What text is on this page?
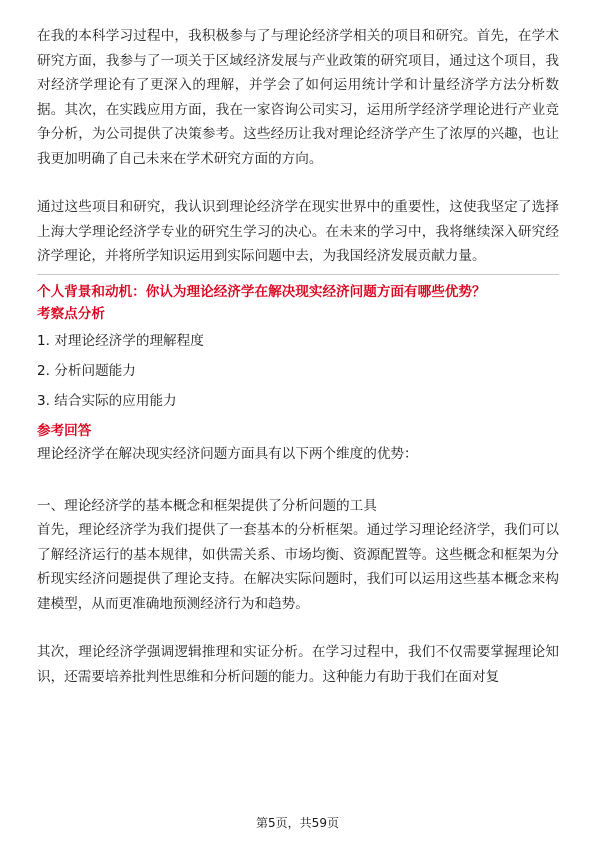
在我的本科学习过程中，我积极参与了与理论经济学相关的项目和研究。首先，在学术研究方面，我参与了一项关于区域经济发展与产业政策的研究项目，通过这个项目，我对经济学理论有了更深入的理解，并学会了如何运用统计学和计量经济学方法分析数据。其次，在实践应用方面，我在一家咨询公司实习，运用所学经济学理论进行产业竞争分析，为公司提供了决策参考。这些经历让我对理论经济学产生了浓厚的兴趣，也让我更加明确了自己未来在学术研究方面的方向。

通过这些项目和研究，我认识到理论经济学在现实世界中的重要性，这使我坚定了选择上海大学理论经济学专业的研究生学习的决心。在未来的学习中，我将继续深入研究经济学理论，并将所学知识运用到实际问题中去，为我国经济发展贡献力量。

个人背景和动机：你认为理论经济学在解决现实经济问题方面有哪些优势？
考察点分析
1. 对理论经济学的理解程度
2. 分析问题能力
3. 结合实际的应用能力
参考回答
理论经济学在解决现实经济问题方面具有以下两个维度的优势：

一、理论经济学的基本概念和框架提供了分析问题的工具

首先，理论经济学为我们提供了一套基本的分析框架。通过学习理论经济学，我们可以了解经济运行的基本规律，如供需关系、市场均衡、资源配置等。这些概念和框架为分析现实经济问题提供了理论支持。在解决实际问题时，我们可以运用这些基本概念来构建模型，从而更准确地预测经济行为和趋势。

其次，理论经济学强调逻辑推理和实证分析。在学习过程中，我们不仅需要掌握理论知识，还需要培养批判性思维和分析问题的能力。这种能力有助于我们在面对复

第5页，共59页
